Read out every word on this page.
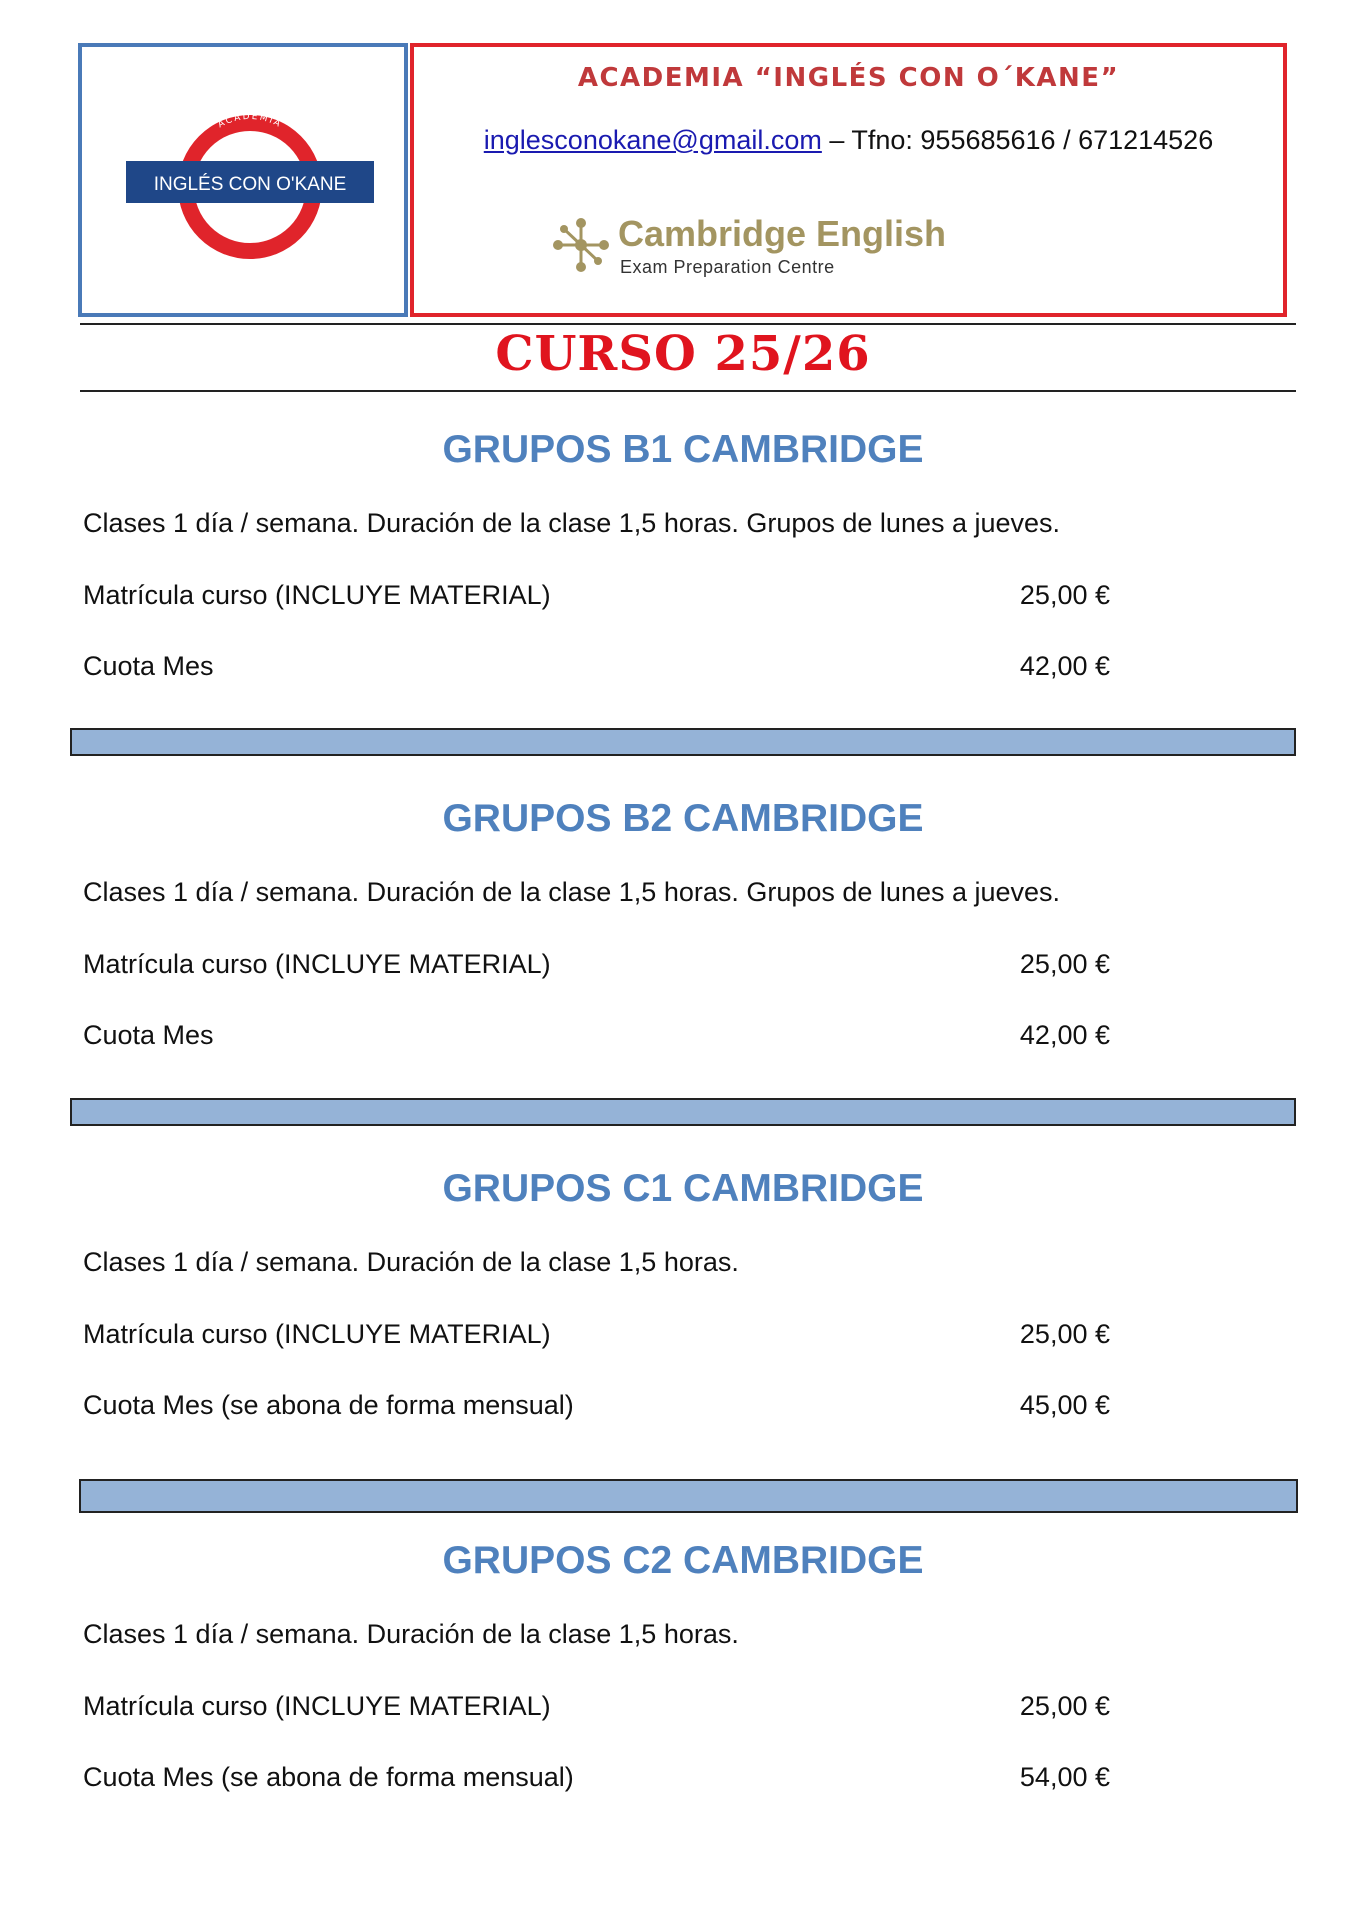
ACADEMIA
DESDE 1997
INGLÉS CON O'KANE
ACADEMIA “INGLÉS CON O´KANE”
inglesconokane@gmail.com – Tfno: 955685616 / 671214526
Cambridge English
Exam Preparation Centre
CURSO 25/26
GRUPOS B1 CAMBRIDGE
Clases 1 día / semana. Duración de la clase 1,5 horas. Grupos de lunes a jueves.
Matrícula curso (INCLUYE MATERIAL)	25,00 €
Cuota Mes	42,00 €
GRUPOS B2 CAMBRIDGE
Clases 1 día / semana. Duración de la clase 1,5 horas. Grupos de lunes a jueves.
Matrícula curso (INCLUYE MATERIAL)	25,00 €
Cuota Mes	42,00 €
GRUPOS C1 CAMBRIDGE
Clases 1 día / semana. Duración de la clase 1,5 horas.
Matrícula curso (INCLUYE MATERIAL)	25,00 €
Cuota Mes (se abona de forma mensual)	45,00 €
GRUPOS C2 CAMBRIDGE
Clases 1 día / semana. Duración de la clase 1,5 horas.
Matrícula curso (INCLUYE MATERIAL)	25,00 €
Cuota Mes (se abona de forma mensual)	54,00 €
